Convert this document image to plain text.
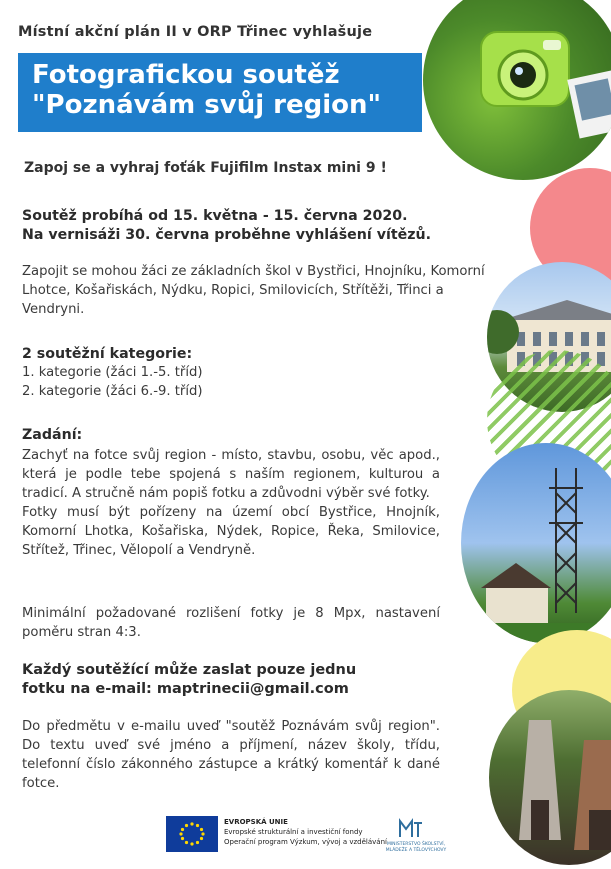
Místní akční plán II v ORP Třinec vyhlašuje
Fotografickou soutěž
"Poznávám svůj region"
Zapoj se a vyhraj foťák Fujifilm Instax mini 9 !
Soutěž probíhá od 15. května - 15. června 2020.
Na vernisáži 30. června proběhne vyhlášení vítězů.
Zapojit se mohou žáci ze základních škol v Bystřici, Hnojníku, Komorní Lhotce, Košařiskách, Nýdku, Ropici, Smilovicích, Střítěži, Třinci a Vendryni.
2 soutěžní kategorie:
1. kategorie (žáci 1.-5. tříd)
2. kategorie (žáci 6.-9. tříd)
Zadání:
Zachyť na fotce svůj region - místo, stavbu, osobu, věc apod., která je podle tebe spojená s naším regionem, kulturou a tradicí. A stručně nám popiš fotku a zdůvodni výběr své fotky.
Fotky musí být pořízeny na území obcí Bystřice, Hnojník, Komorní Lhotka, Košařiska, Nýdek, Ropice, Řeka, Smilovice, Střítež, Třinec, Vělopolí a Vendryně.
Minimální požadované rozlišení fotky je 8 Mpx, nastavení poměru stran 4:3.
Každý soutěžící může zaslat pouze jednu
fotku na e-mail: maptrinecii@gmail.com
Do předmětu v e-mailu uveď "soutěž Poznávám svůj region". Do textu uveď své jméno a příjmení, název školy, třídu, telefonní číslo zákonného zástupce a krátký komentář k dané fotce.
EVROPSKÁ UNIE
Evropské strukturální a investiční fondy
Operační program Výzkum, vývoj a vzdělávání MINISTERSTVO ŠKOLSTVÍ, MLÁDEŽE A TĚLOVÝCHOVY
